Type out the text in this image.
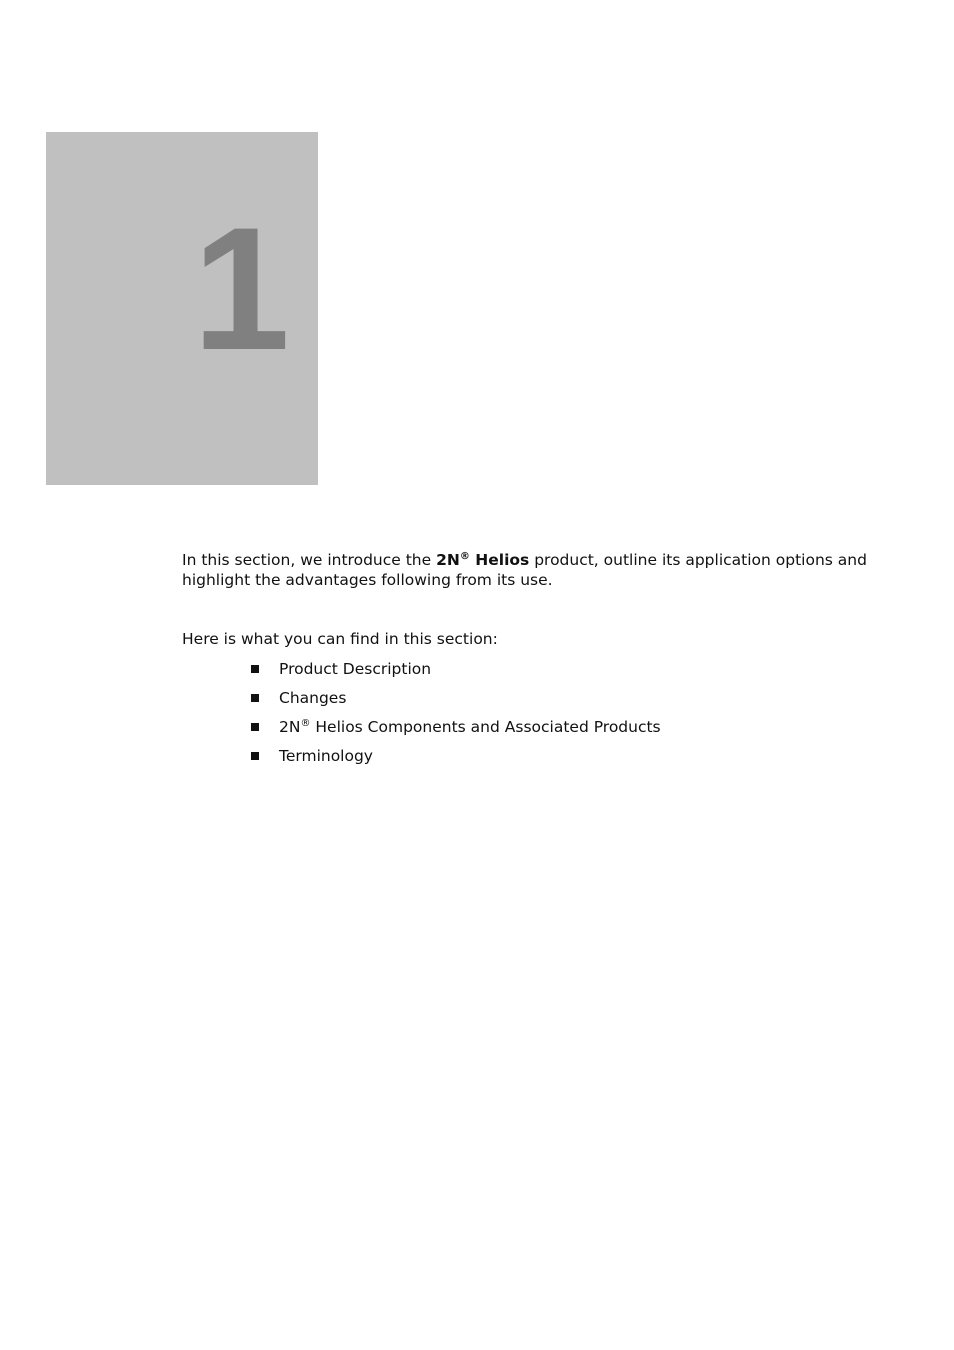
1

In this section, we introduce the 2N® Helios product, outline its application options and highlight the advantages following from its use.

Here is what you can find in this section:

Product Description
Changes
2N® Helios Components and Associated Products
Terminology
